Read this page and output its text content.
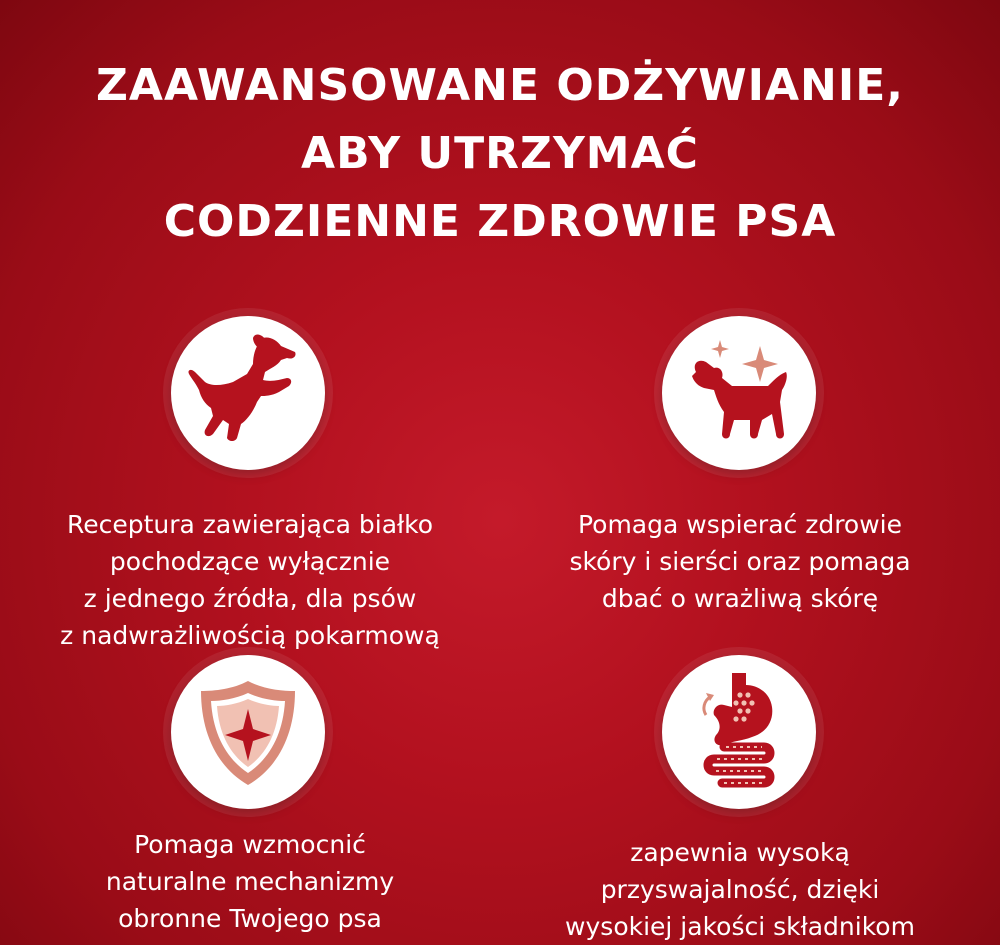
ZAAWANSOWANE ODŻYWIANIE,
ABY UTRZYMAĆ
CODZIENNE ZDROWIE PSA
Receptura zawierająca białko
pochodzące wyłącznie
z jednego źródła, dla psów
z nadwrażliwością pokarmową
Pomaga wspierać zdrowie
skóry i sierści oraz pomaga
dbać o wrażliwą skórę
Pomaga wzmocnić
naturalne mechanizmy
obronne Twojego psa
zapewnia wysoką
przyswajalność, dzięki
wysokiej jakości składnikom
